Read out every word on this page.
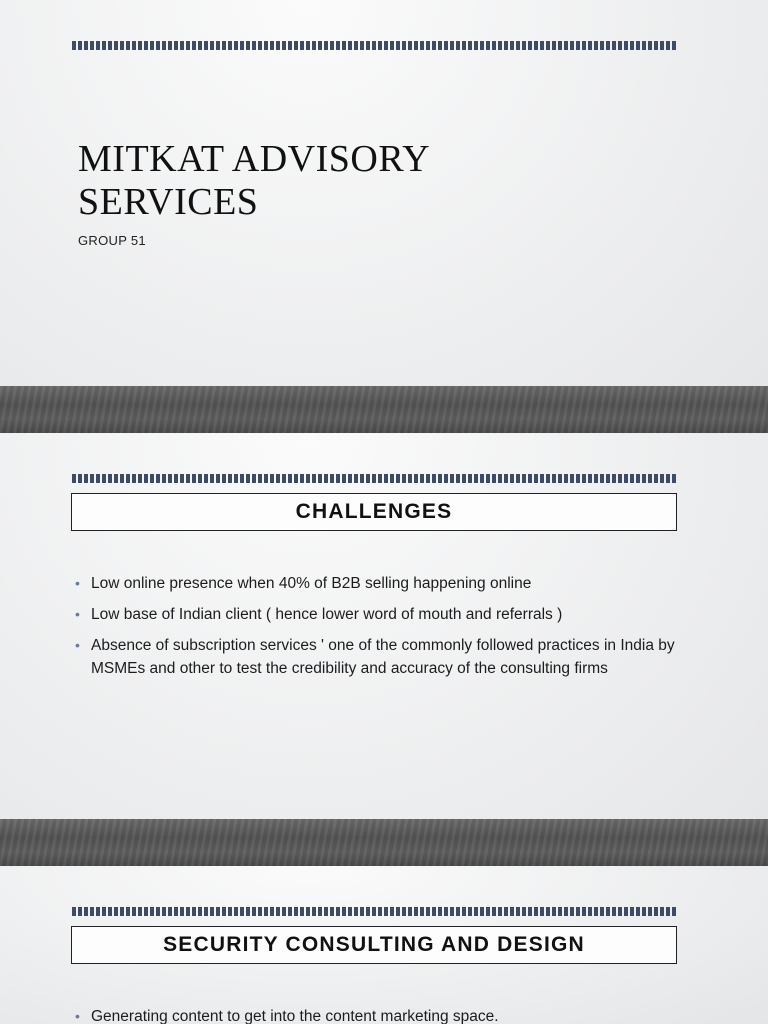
MITKAT ADVISORY SERVICES
GROUP 51
CHALLENGES
• Low online presence when 40% of B2B selling happening online
• Low base of Indian client ( hence lower word of mouth and referrals )
• Absence of subscription services ' one of the commonly followed practices in India by MSMEs and other to test the credibility and accuracy of the consulting firms
SECURITY CONSULTING AND DESIGN
• Generating content to get into the content marketing space.
